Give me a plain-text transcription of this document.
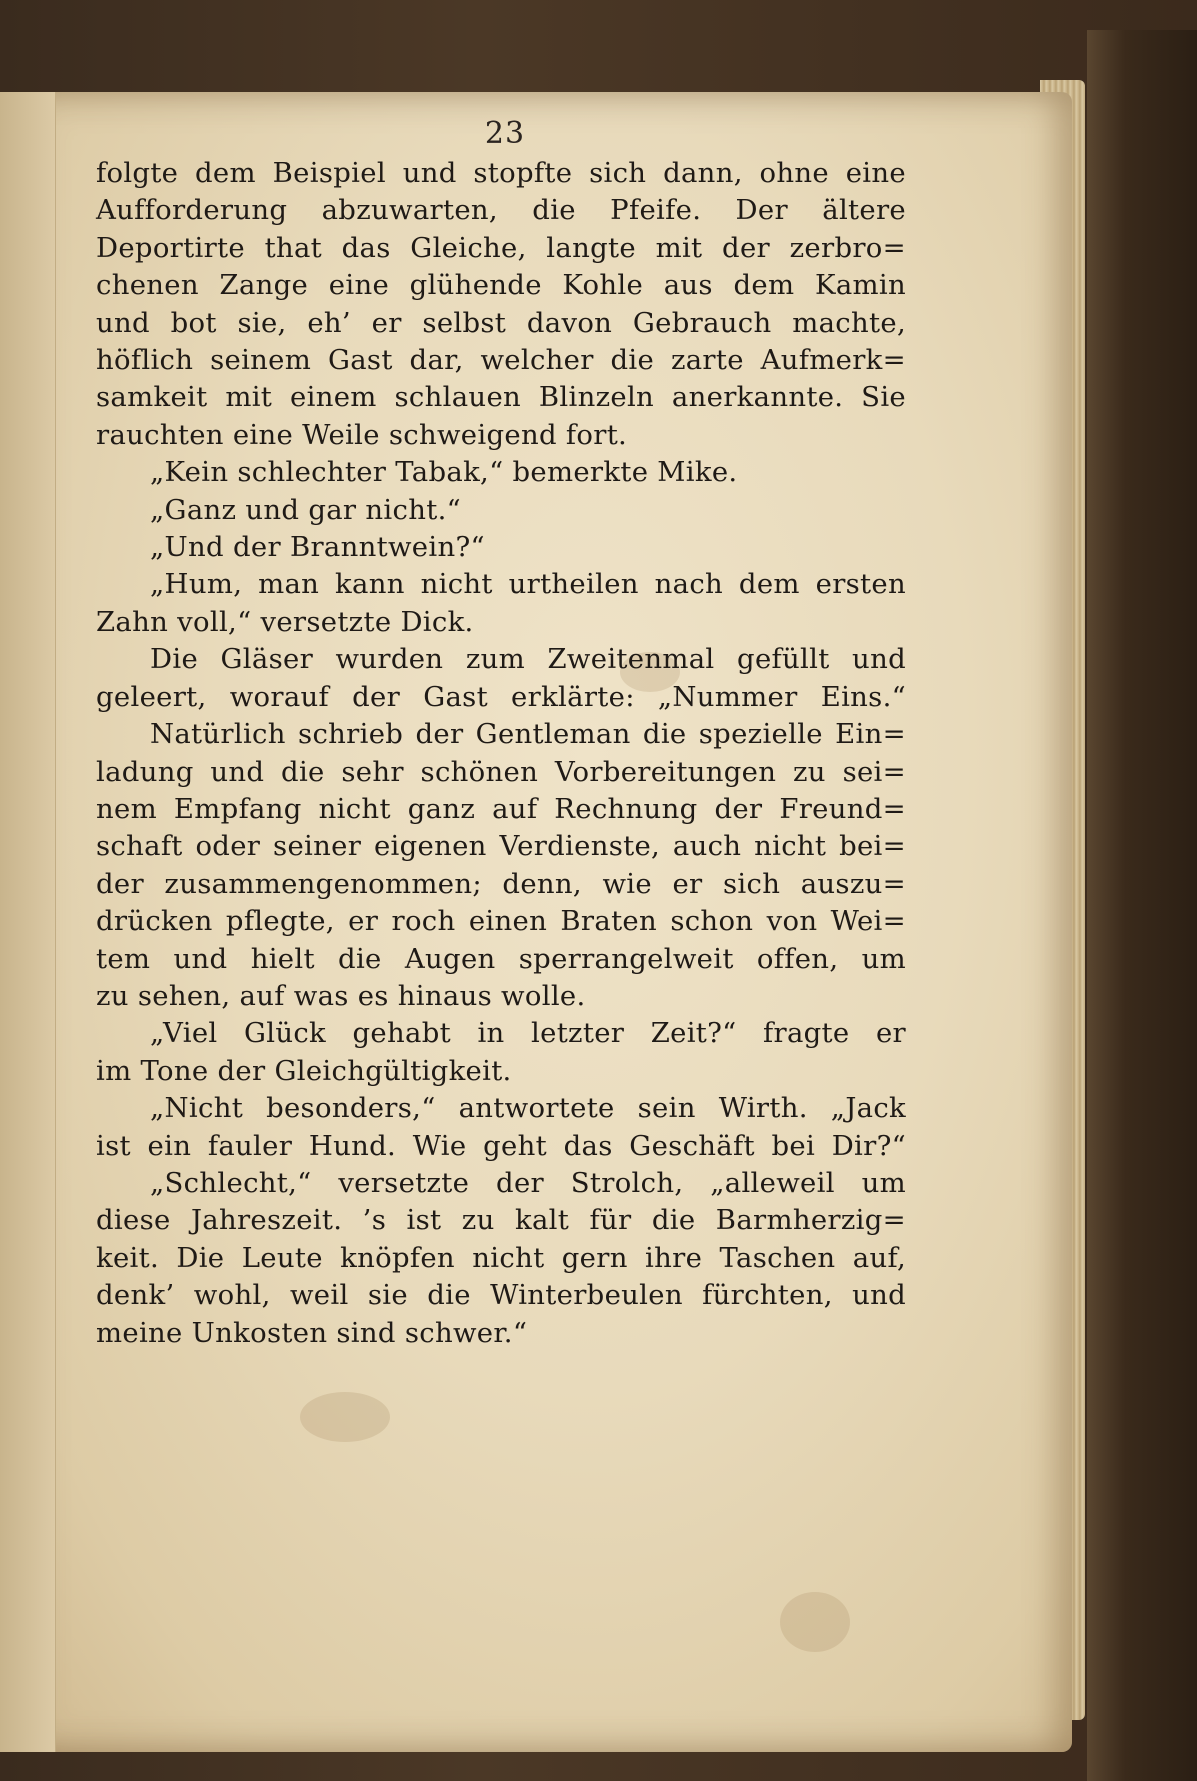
23
folgte dem Beispiel und stopfte sich dann, ohne eine
Aufforderung abzuwarten, die Pfeife. Der ältere
Deportirte that das Gleiche, langte mit der zerbro=
chenen Zange eine glühende Kohle aus dem Kamin
und bot sie, eh’ er selbst davon Gebrauch machte,
höflich seinem Gast dar, welcher die zarte Aufmerk=
samkeit mit einem schlauen Blinzeln anerkannte. Sie
rauchten eine Weile schweigend fort.
„Kein schlechter Tabak,“ bemerkte Mike.
„Ganz und gar nicht.“
„Und der Branntwein?“
„Hum, man kann nicht urtheilen nach dem ersten
Zahn voll,“ versetzte Dick.
Die Gläser wurden zum Zweitenmal gefüllt und
geleert, worauf der Gast erklärte: „Nummer Eins.“
Natürlich schrieb der Gentleman die spezielle Ein=
ladung und die sehr schönen Vorbereitungen zu sei=
nem Empfang nicht ganz auf Rechnung der Freund=
schaft oder seiner eigenen Verdienste, auch nicht bei=
der zusammengenommen; denn, wie er sich auszu=
drücken pflegte, er roch einen Braten schon von Wei=
tem und hielt die Augen sperrangelweit offen, um
zu sehen, auf was es hinaus wolle.
„Viel Glück gehabt in letzter Zeit?“ fragte er
im Tone der Gleichgültigkeit.
„Nicht besonders,“ antwortete sein Wirth. „Jack
ist ein fauler Hund. Wie geht das Geschäft bei Dir?“
„Schlecht,“ versetzte der Strolch, „alleweil um
diese Jahreszeit. ’s ist zu kalt für die Barmherzig=
keit. Die Leute knöpfen nicht gern ihre Taschen auf,
denk’ wohl, weil sie die Winterbeulen fürchten, und
meine Unkosten sind schwer.“
